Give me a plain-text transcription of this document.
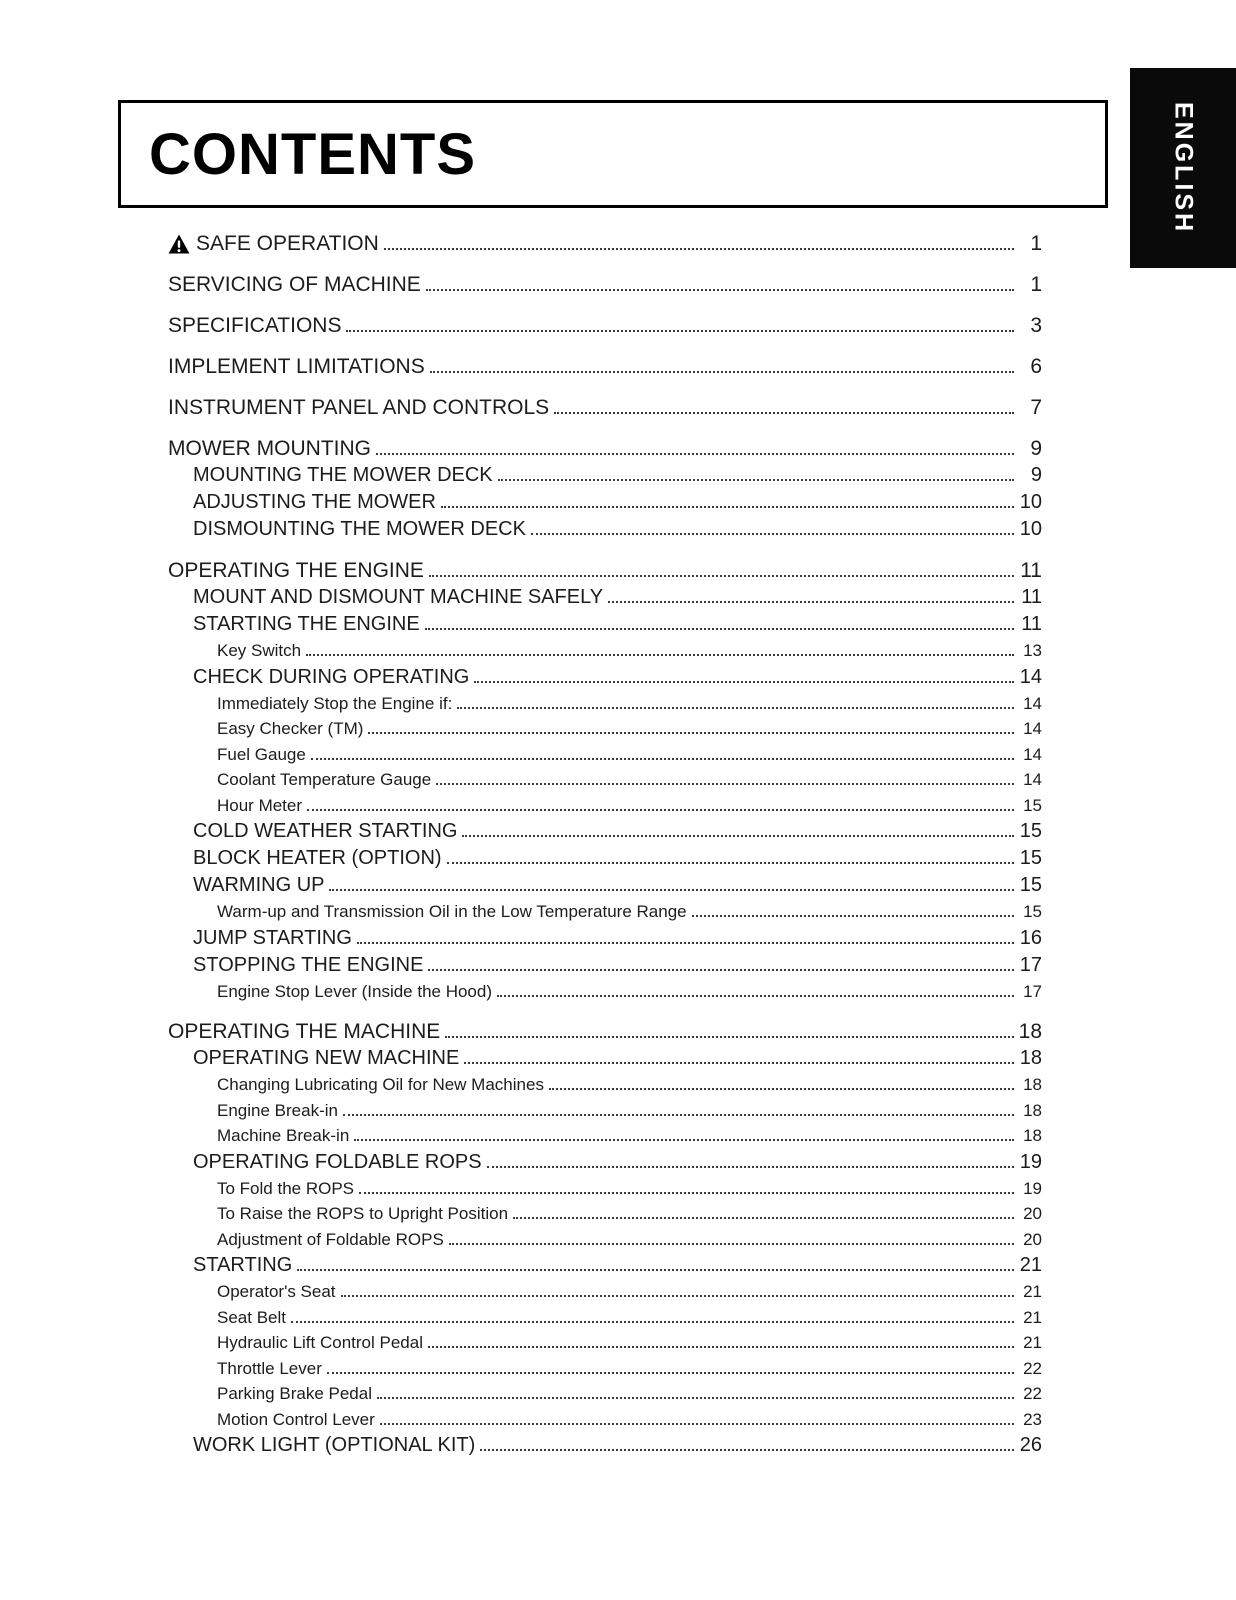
CONTENTS	ENGLISH
SAFE OPERATION	1
SERVICING OF MACHINE	1
SPECIFICATIONS	3
IMPLEMENT LIMITATIONS	6
INSTRUMENT PANEL AND CONTROLS	7
MOWER MOUNTING	9
MOUNTING THE MOWER DECK	9
ADJUSTING THE MOWER	10
DISMOUNTING THE MOWER DECK	10
OPERATING THE ENGINE	11
MOUNT AND DISMOUNT MACHINE SAFELY	11
STARTING THE ENGINE	11
Key Switch	13
CHECK DURING OPERATING	14
Immediately Stop the Engine if:	14
Easy Checker (TM)	14
Fuel Gauge	14
Coolant Temperature Gauge	14
Hour Meter	15
COLD WEATHER STARTING	15
BLOCK HEATER (OPTION)	15
WARMING UP	15
Warm-up and Transmission Oil in the Low Temperature Range	15
JUMP STARTING	16
STOPPING THE ENGINE	17
Engine Stop Lever (Inside the Hood)	17
OPERATING THE MACHINE	18
OPERATING NEW MACHINE	18
Changing Lubricating Oil for New Machines	18
Engine Break-in	18
Machine Break-in	18
OPERATING FOLDABLE ROPS	19
To Fold the ROPS	19
To Raise the ROPS to Upright Position	20
Adjustment of Foldable ROPS	20
STARTING	21
Operator's Seat	21
Seat Belt	21
Hydraulic Lift Control Pedal	21
Throttle Lever	22
Parking Brake Pedal	22
Motion Control Lever	23
WORK LIGHT (OPTIONAL KIT)	26
